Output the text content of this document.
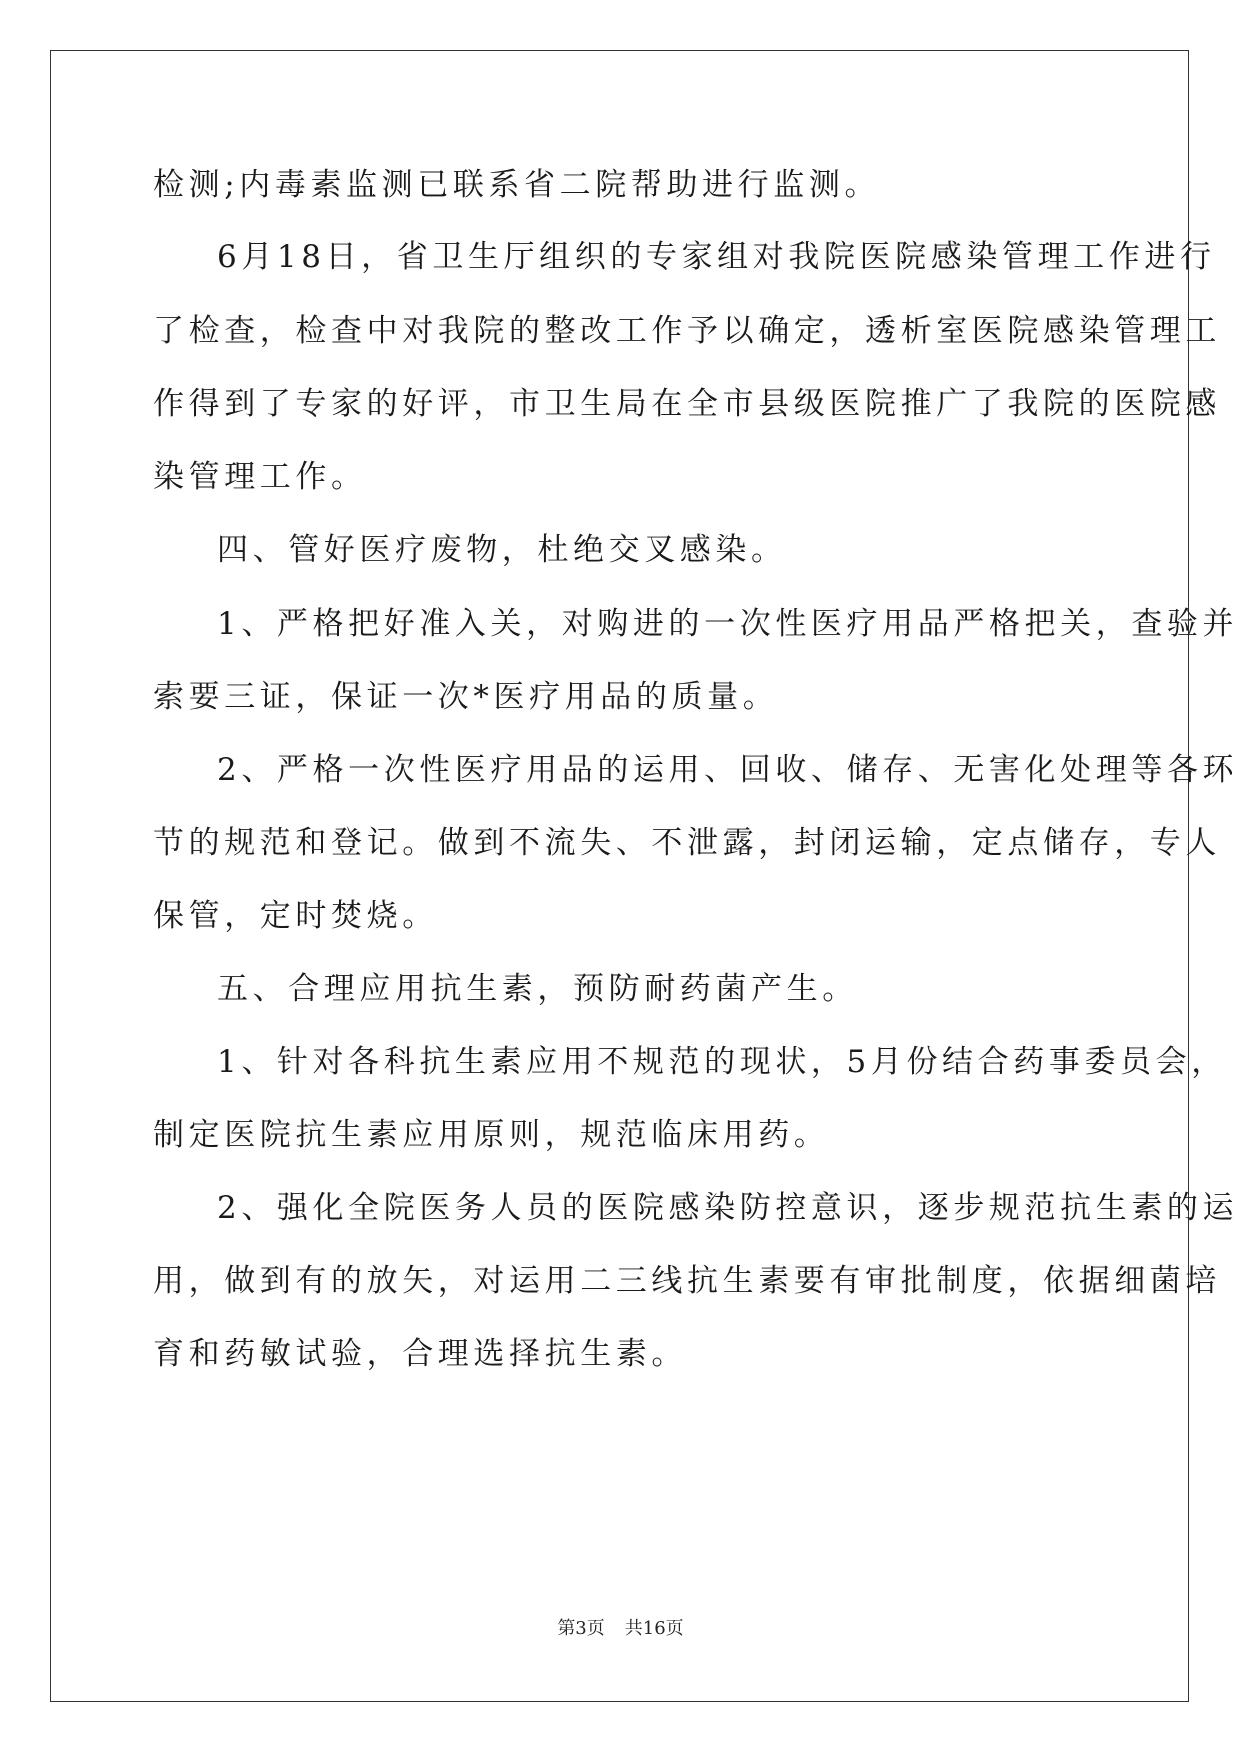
检测;内毒素监测已联系省二院帮助进行监测。
6月18日，省卫生厅组织的专家组对我院医院感染管理工作进行
了检查，检查中对我院的整改工作予以确定，透析室医院感染管理工
作得到了专家的好评，市卫生局在全市县级医院推广了我院的医院感
染管理工作。
四、管好医疗废物，杜绝交叉感染。
1、严格把好准入关，对购进的一次性医疗用品严格把关，查验并
索要三证，保证一次*医疗用品的质量。
2、严格一次性医疗用品的运用、回收、储存、无害化处理等各环
节的规范和登记。做到不流失、不泄露，封闭运输，定点储存，专人
保管，定时焚烧。
五、合理应用抗生素，预防耐药菌产生。
1、针对各科抗生素应用不规范的现状，5月份结合药事委员会，
制定医院抗生素应用原则，规范临床用药。
2、强化全院医务人员的医院感染防控意识，逐步规范抗生素的运
用，做到有的放矢，对运用二三线抗生素要有审批制度，依据细菌培
育和药敏试验，合理选择抗生素。
第3页 共16页
